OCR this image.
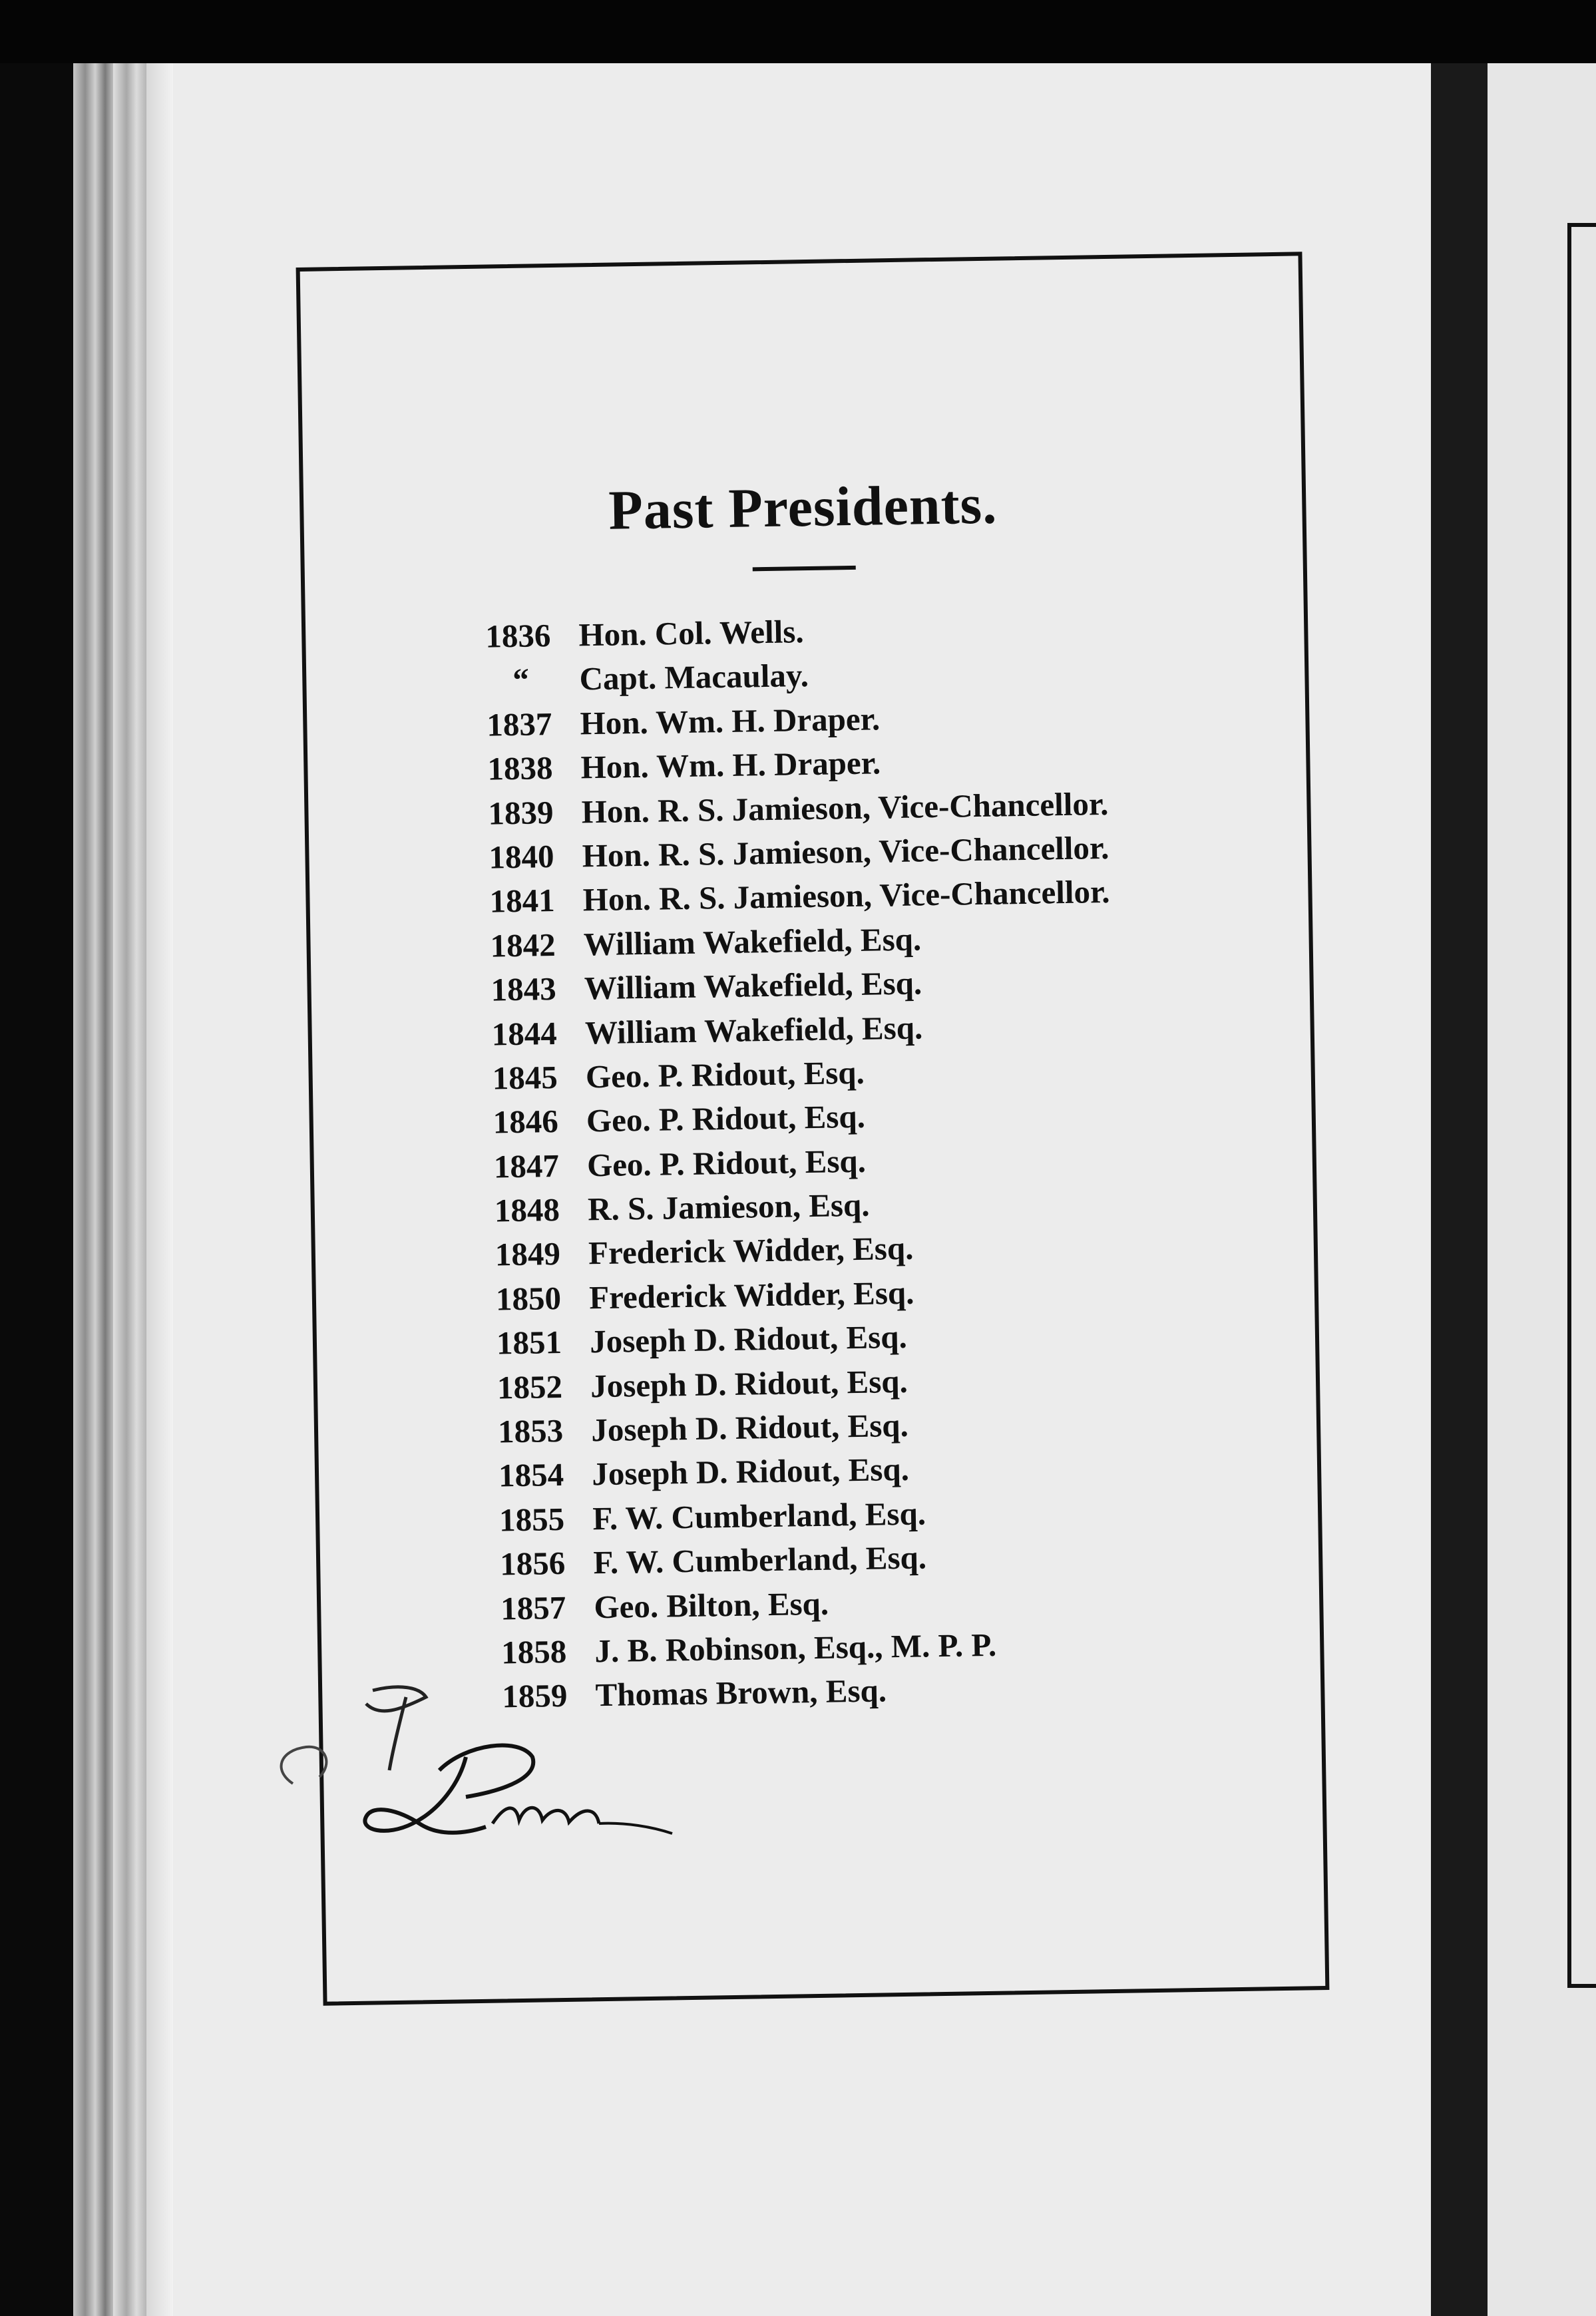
Past Presidents.
1836 Hon. Col. Wells.
“ Capt. Macaulay.
1837 Hon. Wm. H. Draper.
1838 Hon. Wm. H. Draper.
1839 Hon. R. S. Jamieson, Vice-Chancellor.
1840 Hon. R. S. Jamieson, Vice-Chancellor.
1841 Hon. R. S. Jamieson, Vice-Chancellor.
1842 William Wakefield, Esq.
1843 William Wakefield, Esq.
1844 William Wakefield, Esq.
1845 Geo. P. Ridout, Esq.
1846 Geo. P. Ridout, Esq.
1847 Geo. P. Ridout, Esq.
1848 R. S. Jamieson, Esq.
1849 Frederick Widder, Esq.
1850 Frederick Widder, Esq.
1851 Joseph D. Ridout, Esq.
1852 Joseph D. Ridout, Esq.
1853 Joseph D. Ridout, Esq.
1854 Joseph D. Ridout, Esq.
1855 F. W. Cumberland, Esq.
1856 F. W. Cumberland, Esq.
1857 Geo. Bilton, Esq.
1858 J. B. Robinson, Esq., M. P. P.
1859 Thomas Brown, Esq.
